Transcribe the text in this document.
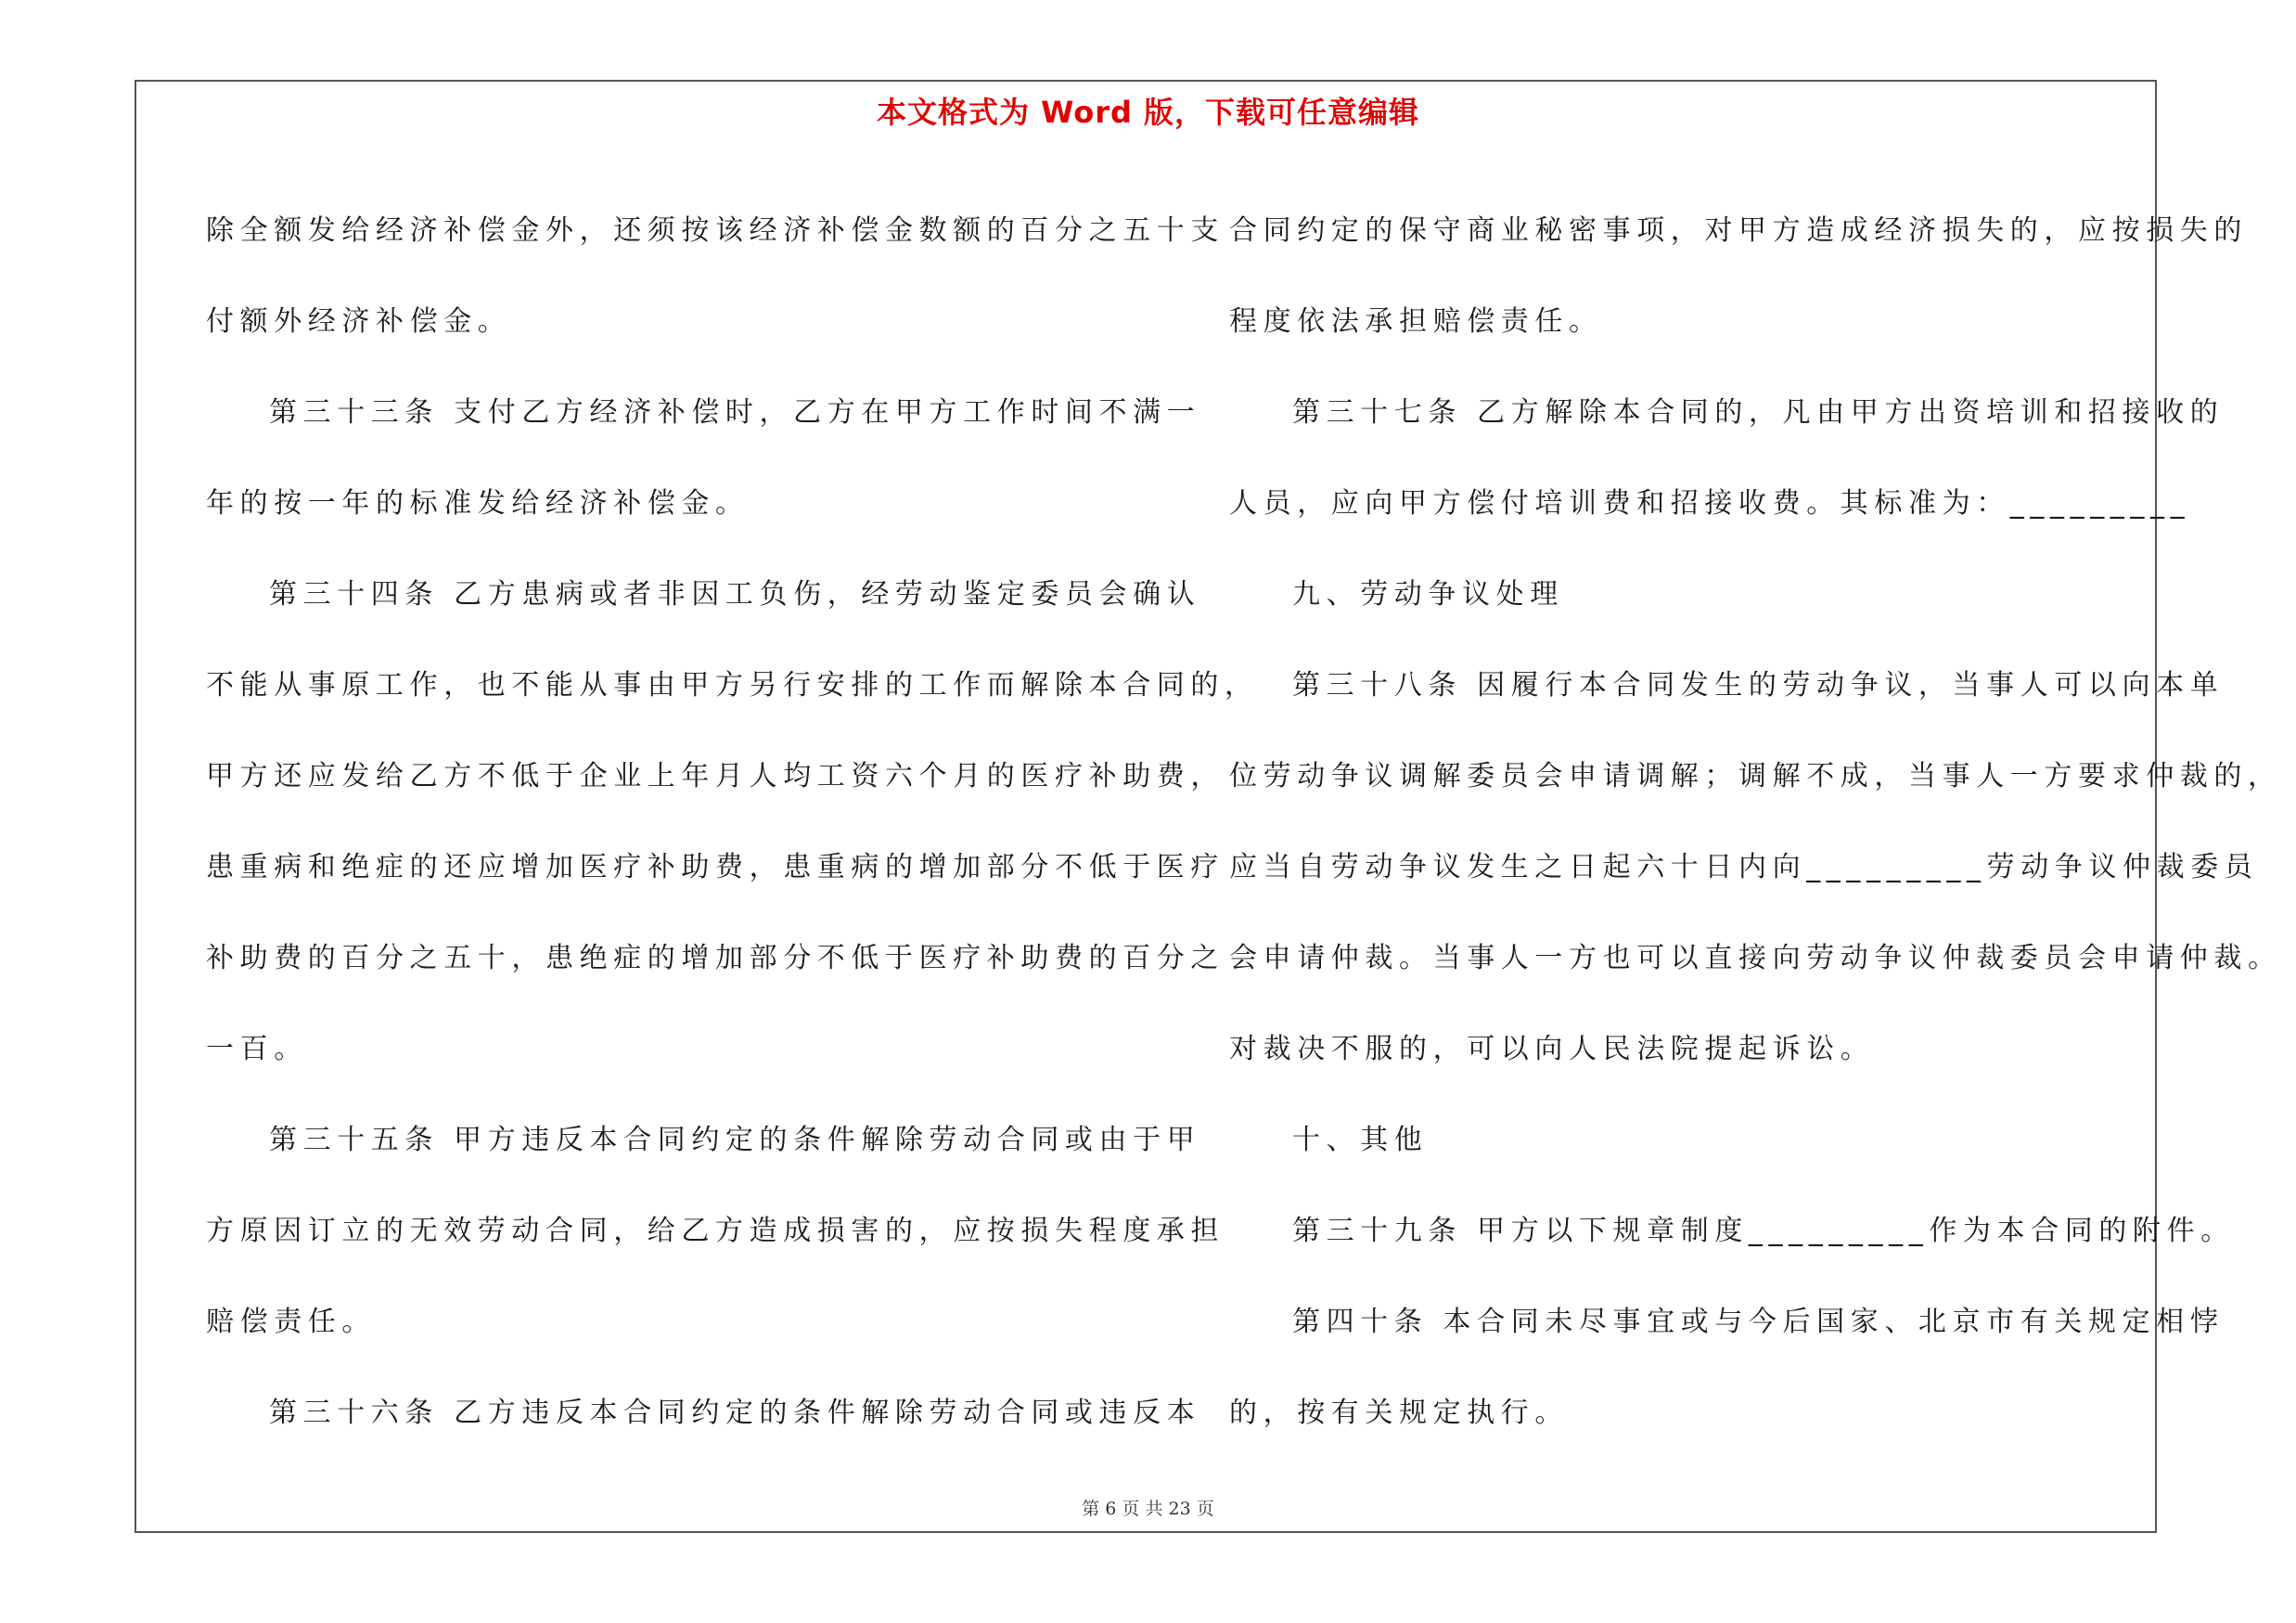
本文格式为 Word 版，下载可任意编辑

除全额发给经济补偿金外，还须按该经济补偿金数额的百分之五十支

付额外经济补偿金。

第三十三条 支付乙方经济补偿时，乙方在甲方工作时间不满一

年的按一年的标准发给经济补偿金。

第三十四条 乙方患病或者非因工负伤，经劳动鉴定委员会确认

不能从事原工作，也不能从事由甲方另行安排的工作而解除本合同的，

甲方还应发给乙方不低于企业上年月人均工资六个月的医疗补助费，

患重病和绝症的还应增加医疗补助费，患重病的增加部分不低于医疗

补助费的百分之五十，患绝症的增加部分不低于医疗补助费的百分之

一百。

第三十五条 甲方违反本合同约定的条件解除劳动合同或由于甲

方原因订立的无效劳动合同，给乙方造成损害的，应按损失程度承担

赔偿责任。

第三十六条 乙方违反本合同约定的条件解除劳动合同或违反本

合同约定的保守商业秘密事项，对甲方造成经济损失的，应按损失的

程度依法承担赔偿责任。

第三十七条 乙方解除本合同的，凡由甲方出资培训和招接收的

人员，应向甲方偿付培训费和招接收费。其标准为：_________

九、劳动争议处理

第三十八条 因履行本合同发生的劳动争议，当事人可以向本单

位劳动争议调解委员会申请调解；调解不成，当事人一方要求仲裁的，

应当自劳动争议发生之日起六十日内向_________劳动争议仲裁委员

会申请仲裁。当事人一方也可以直接向劳动争议仲裁委员会申请仲裁。

对裁决不服的，可以向人民法院提起诉讼。

十、其他

第三十九条 甲方以下规章制度_________作为本合同的附件。

第四十条 本合同未尽事宜或与今后国家、北京市有关规定相悖

的，按有关规定执行。

第 6 页 共 23 页
